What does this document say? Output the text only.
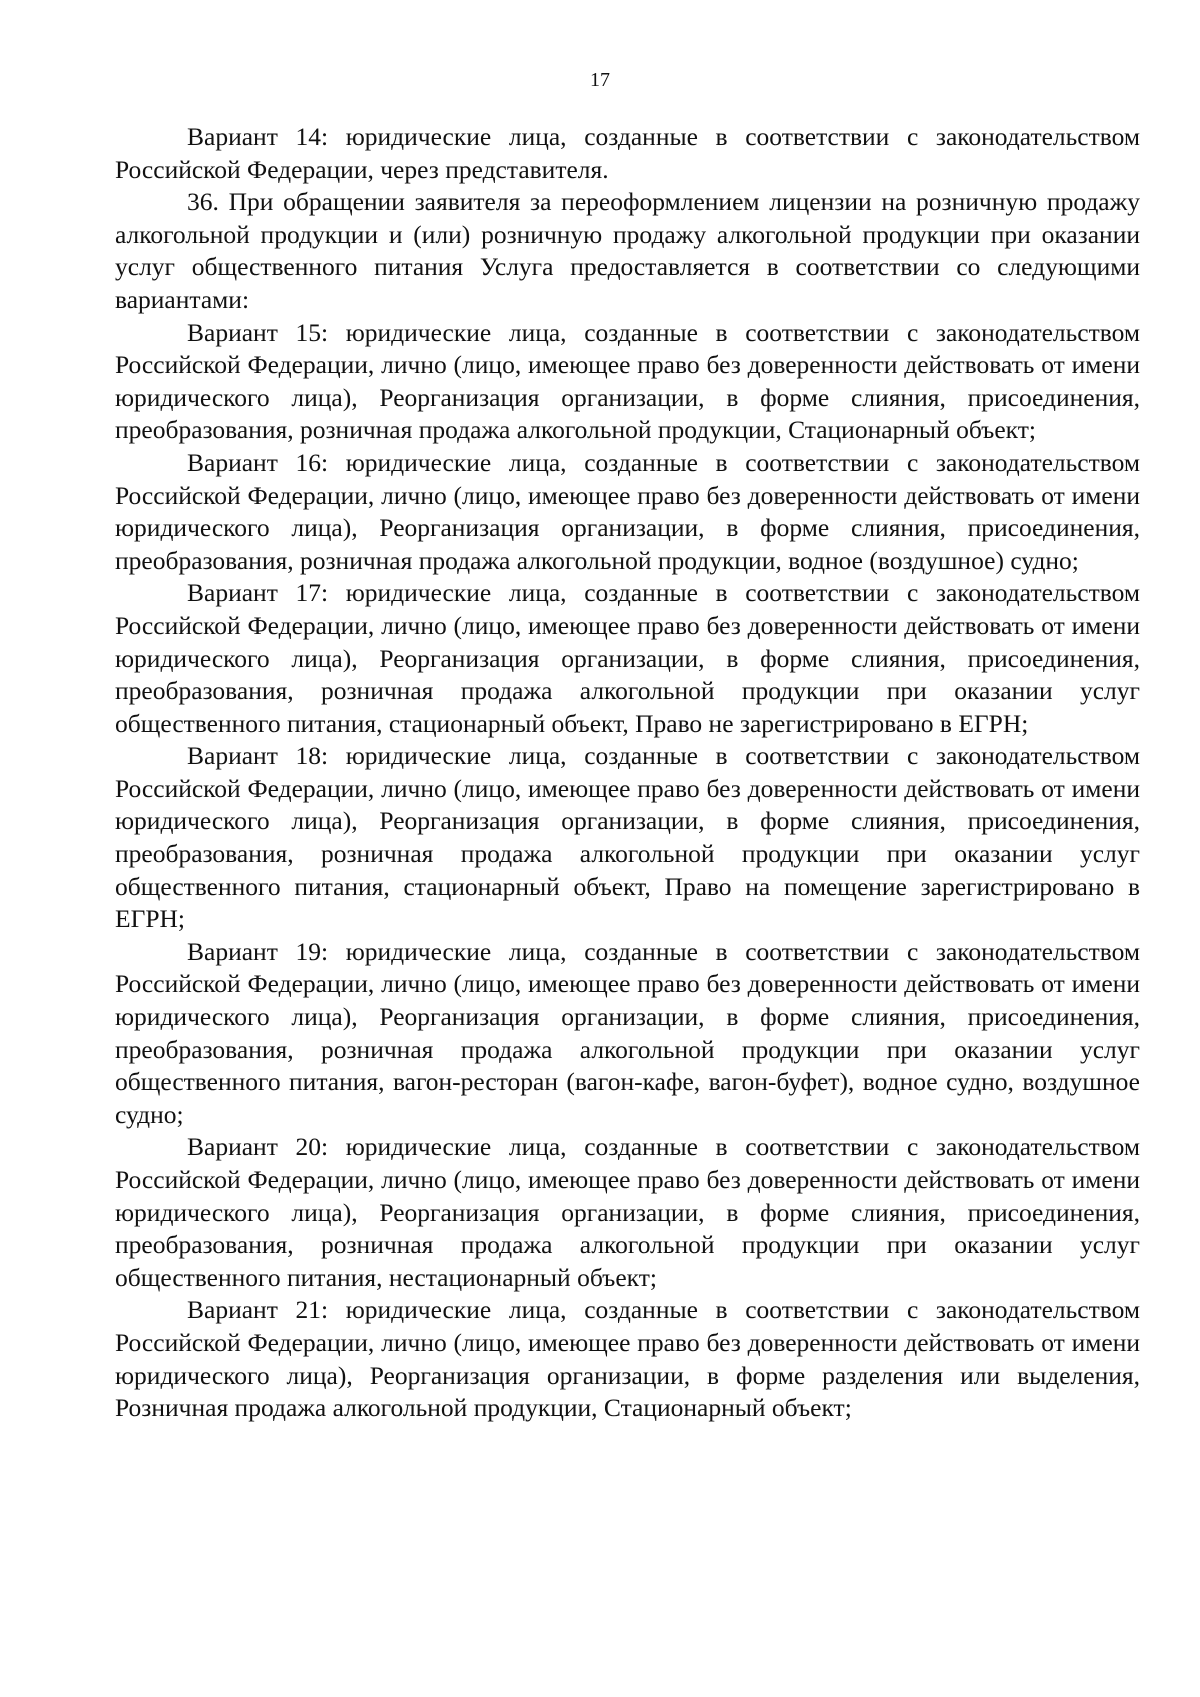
17

Вариант 14: юридические лица, созданные в соответствии с законодательством Российской Федерации, через представителя.

36. При обращении заявителя за переоформлением лицензии на розничную продажу алкогольной продукции и (или) розничную продажу алкогольной продукции при оказании услуг общественного питания Услуга предоставляется в соответствии со следующими вариантами:

Вариант 15: юридические лица, созданные в соответствии с законодательством Российской Федерации, лично (лицо, имеющее право без доверенности действовать от имени юридического лица), Реорганизация организации, в форме слияния, присоединения, преобразования, розничная продажа алкогольной продукции, Стационарный объект;

Вариант 16: юридические лица, созданные в соответствии с законодательством Российской Федерации, лично (лицо, имеющее право без доверенности действовать от имени юридического лица), Реорганизация организации, в форме слияния, присоединения, преобразования, розничная продажа алкогольной продукции, водное (воздушное) судно;

Вариант 17: юридические лица, созданные в соответствии с законодательством Российской Федерации, лично (лицо, имеющее право без доверенности действовать от имени юридического лица), Реорганизация организации, в форме слияния, присоединения, преобразования, розничная продажа алкогольной продукции при оказании услуг общественного питания, стационарный объект, Право не зарегистрировано в ЕГРН;

Вариант 18: юридические лица, созданные в соответствии с законодательством Российской Федерации, лично (лицо, имеющее право без доверенности действовать от имени юридического лица), Реорганизация организации, в форме слияния, присоединения, преобразования, розничная продажа алкогольной продукции при оказании услуг общественного питания, стационарный объект, Право на помещение зарегистрировано в ЕГРН;

Вариант 19: юридические лица, созданные в соответствии с законодательством Российской Федерации, лично (лицо, имеющее право без доверенности действовать от имени юридического лица), Реорганизация организации, в форме слияния, присоединения, преобразования, розничная продажа алкогольной продукции при оказании услуг общественного питания, вагон-ресторан (вагон-кафе, вагон-буфет), водное судно, воздушное судно;

Вариант 20: юридические лица, созданные в соответствии с законодательством Российской Федерации, лично (лицо, имеющее право без доверенности действовать от имени юридического лица), Реорганизация организации, в форме слияния, присоединения, преобразования, розничная продажа алкогольной продукции при оказании услуг общественного питания, нестационарный объект;

Вариант 21: юридические лица, созданные в соответствии с законодательством Российской Федерации, лично (лицо, имеющее право без доверенности действовать от имени юридического лица), Реорганизация организации, в форме разделения или выделения, Розничная продажа алкогольной продукции, Стационарный объект;
